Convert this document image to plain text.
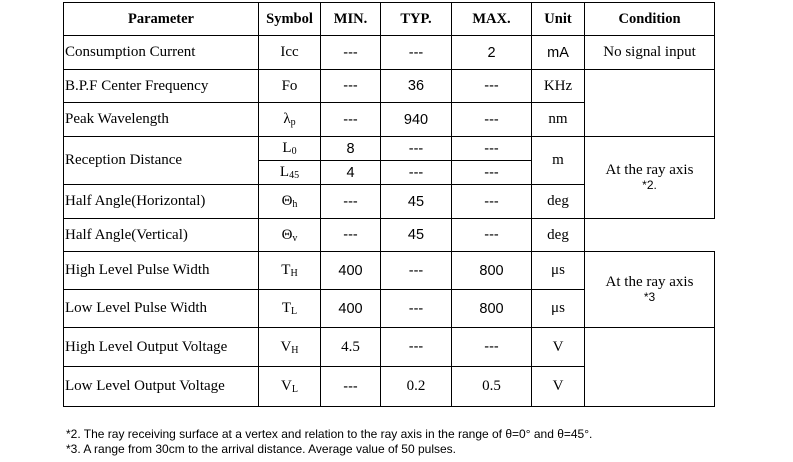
Parameter	Symbol	MIN.	TYP.	MAX.	Unit	Condition
Consumption Current	Icc	---	---	2	mA	No signal input
B.P.F Center Frequency	Fo	---	36	---	KHz	
Peak Wavelength	$\lambda_p$	---	940	---	nm	
Reception Distance	$L_0$	8	---	---	m	At the ray axis
*2.

	$L_{45}$	4	---	---		
Half Angle(Horizontal)	$\Theta_h$	---	45	---	deg	
Half Angle(Vertical)	$\Theta_v$	---	45	---	deg	
High Level Pulse Width	$T_H$	400	---	800	μs	At the ray axis
*3

Low Level Pulse Width	$T_L$	400	---	800	μs	
High Level Output Voltage	$V_H$	4.5	---	---	V	
Low Level Output Voltage	$V_L$	---	0.2	0.5	V	
*2. The ray receiving surface at a vertex and relation to the ray axis in the range of θ=0° and θ=45°.
*3. A range from 30cm to the arrival distance. Average value of 50 pulses.
